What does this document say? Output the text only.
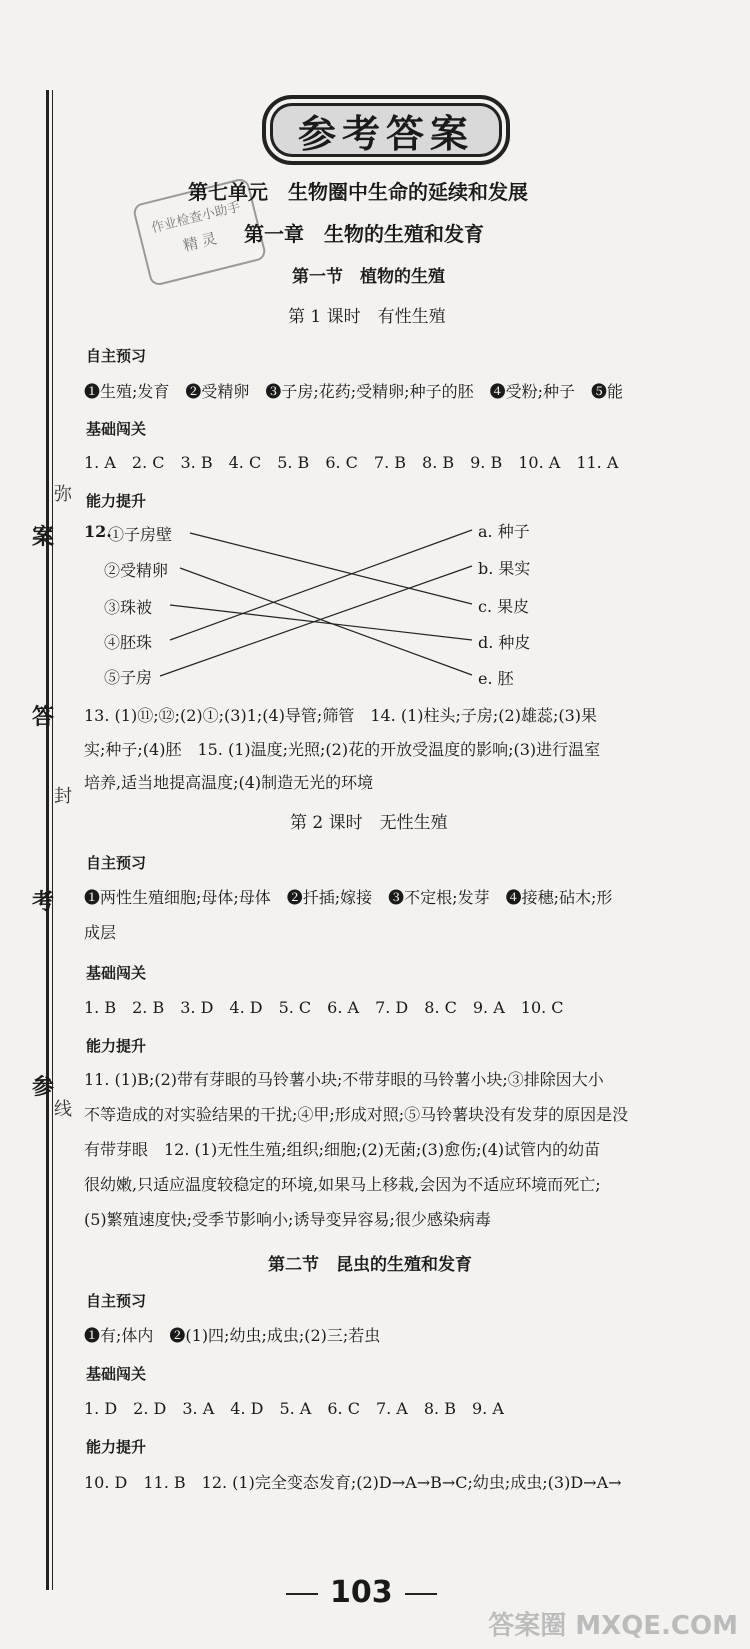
案
答
考
参
弥
封
线
参考答案
作业检查小助手
精灵
第七单元　生物圈中生命的延续和发展
第一章　生物的生殖和发育
第一节　植物的生殖
第 1 课时　有性生殖
自主预习
❶生殖;发育　❷受精卵　❸子房;花药;受精卵;种子的胚　❹受粉;种子　❺能
基础闯关
1. A　2. C　3. B　4. C　5. B　6. C　7. B　8. B　9. B　10. A　11. A
能力提升
12.
①子房壁
②受精卵
③珠被
④胚珠
⑤子房
a. 种子
b. 果实
c. 果皮
d. 种皮
e. 胚
13. (1)⑪;⑫;(2)①;(3)1;(4)导管;筛管　14. (1)柱头;子房;(2)雄蕊;(3)果
实;种子;(4)胚　15. (1)温度;光照;(2)花的开放受温度的影响;(3)进行温室
培养,适当地提高温度;(4)制造无光的环境
第 2 课时　无性生殖
自主预习
❶两性生殖细胞;母体;母体　❷扦插;嫁接　❸不定根;发芽　❹接穗;砧木;形
成层
基础闯关
1. B　2. B　3. D　4. D　5. C　6. A　7. D　8. C　9. A　10. C
能力提升
11. (1)B;(2)带有芽眼的马铃薯小块;不带芽眼的马铃薯小块;③排除因大小
不等造成的对实验结果的干扰;④甲;形成对照;⑤马铃薯块没有发芽的原因是没
有带芽眼　12. (1)无性生殖;组织;细胞;(2)无菌;(3)愈伤;(4)试管内的幼苗
很幼嫩,只适应温度较稳定的环境,如果马上移栽,会因为不适应环境而死亡;
(5)繁殖速度快;受季节影响小;诱导变异容易;很少感染病毒
第二节　昆虫的生殖和发育
自主预习
❶有;体内　❷(1)四;幼虫;成虫;(2)三;若虫
基础闯关
1. D　2. D　3. A　4. D　5. A　6. C　7. A　8. B　9. A
能力提升
10. D　11. B　12. (1)完全变态发育;(2)D→A→B→C;幼虫;成虫;(3)D→A→
103
答案圈 MXQE.COM
